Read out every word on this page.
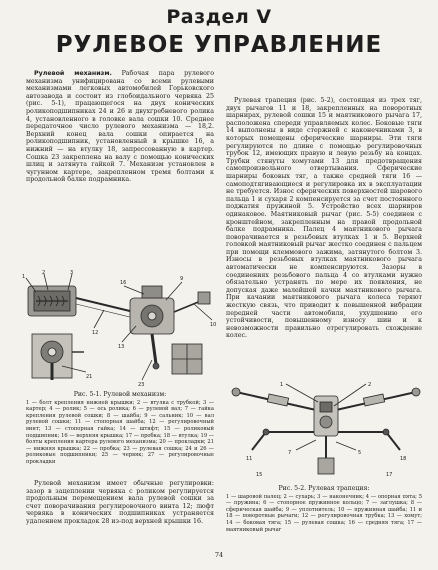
Раздел V
РУЛЕВОЕ УПРАВЛЕНИЕ

Рулевой механизм. Рабочая пара рулевого механизма унифицирована со всеми рулевыми механизмами легковых автомобилей Горьковского автозавода и состоит из глобоидального червяка 25 (рис. 5-1), працающегося на двух конических роликоподшипниках 24 и 26 и двухгребневого ролика 4, установленного в головке вала сошки 10. Среднее передаточное число рулевого механизма — 18,2. Верхний конец вала сошки опирается на роликоподшипник, установленный в крышке 16, а нижний — на втулку 18, запрессованную в картер. Сошка 23 закреплена на валу с помощью конических шлиц и затянута гайкой 7. Механизм установлен в чугунном картере, закрепленном тремя болтами к продольной балке подрамника.

Рулевая трапеция (рис. 5-2), состоящая из трех тяг, двух рычагов 11 и 18, закрепленных на поворотных шарнирах, рулевой сошки 15 и маятникового рычага 17, расположена спереди управляемых колес. Боковые тяги 14 выполнены в виде стержней с наконечниками 3, в которых помещены сферические шарниры. Эти тяги регулируются по длине с помощью регулировочных трубок 12, имеющих правую и левую резьбу на концах. Трубки стянуты хомутами 13 для предотвращения самопроизвольного отвертывания. Сферические шарниры боковых тяг, а также средней тяги 16 — самоподтягивающиеся и регулировка их в эксплуатации не требуется. Износ сферических поверхностей шарового пальца 1 и сухаря 2 компенсируется за счет постоянного поджатия пружиной 5. Устройство всех шарниров одинаковое. Маятниковый рычаг (рис. 5-5) соединен с кронштейном, закрепленным на правой продольной балке подрамника. Палец 4 маятникового рычага поворачивается в резьбовых втулках 1 и 5. Верхней головкой маятниковый рычаг жестко соединен с пальцем при помощи клеммового зажима, затянутого болтом 3. Износы в резьбовых втулках маятникового рычага автоматически не компенсируются. Зазоры в соединениях резьбового пальца 4 со втулками нужно обязательно устранять по мере их появления, не допуская даже малейшей качки маятникового рычага. При качании маятникового рычага колеса теряют жесткую связь, что приводит к повышенной вибрации передней части автомобиля, ухудшению его устойчивости, повышенному износу шин и к невозможности правильно отрегулировать схождение колес.

1
2	3
12
13
16
9
10
21
23

Рис. 5-1. Рулевой механизм:
1 — болт крепления нижней крышки; 2 — втулка с трубкой; 3 — картер; 4 — ролик; 5 — ось ролика; 6 — рулевой вал; 7 — гайка крепления рулевой сошки; 8 — шайба; 9 — сальник; 10 — вал рулевой сошки; 11 — стопорная шайба; 12 — регулировочный винт; 13 — стопорная гайка; 14 — штифт; 15 — роликовый подшипник; 16 — верхняя крышка; 17 — пробка; 18 — втулка; 19 — болты крепления картера рулевого механизма; 20 — прокладки; 21 — нижняя крышка; 22 — пробка; 23 — рулевая сошка; 24 и 26 — роликовые подшипники; 25 — червяк; 27 — регулировочные прокладки

Рулевой механизм имеет обычные регулировки: зазор в зацеплении червяка с роликом регулируется продольным перемещением вала рулевой сошки за счет поворачивания регулировочного винта 12; люфт червяка в конических подшипниках устраняется удалением прокладок 28 из-под верхней крышки 16.

1	2
7	5
11	18
15	17

Рис. 5-2. Рулевая трапеция:
1 — шаровой палец; 2 — сухарь; 3 — наконечник; 4 — опорная пята; 5 — пружина; 6 — стопорное пружинное кольцо; 7 — заглушка; 8 — сферическая шайба; 9 — уплотнитель; 10 — пружинная шайба; 11 и 18 — поворотные рычаги; 12 — регулировочная трубка; 13 — хомут; 14 — боковая тяга; 15 — рулевая сошка; 16 — средняя тяга; 17 — маятниковый рычаг

74
